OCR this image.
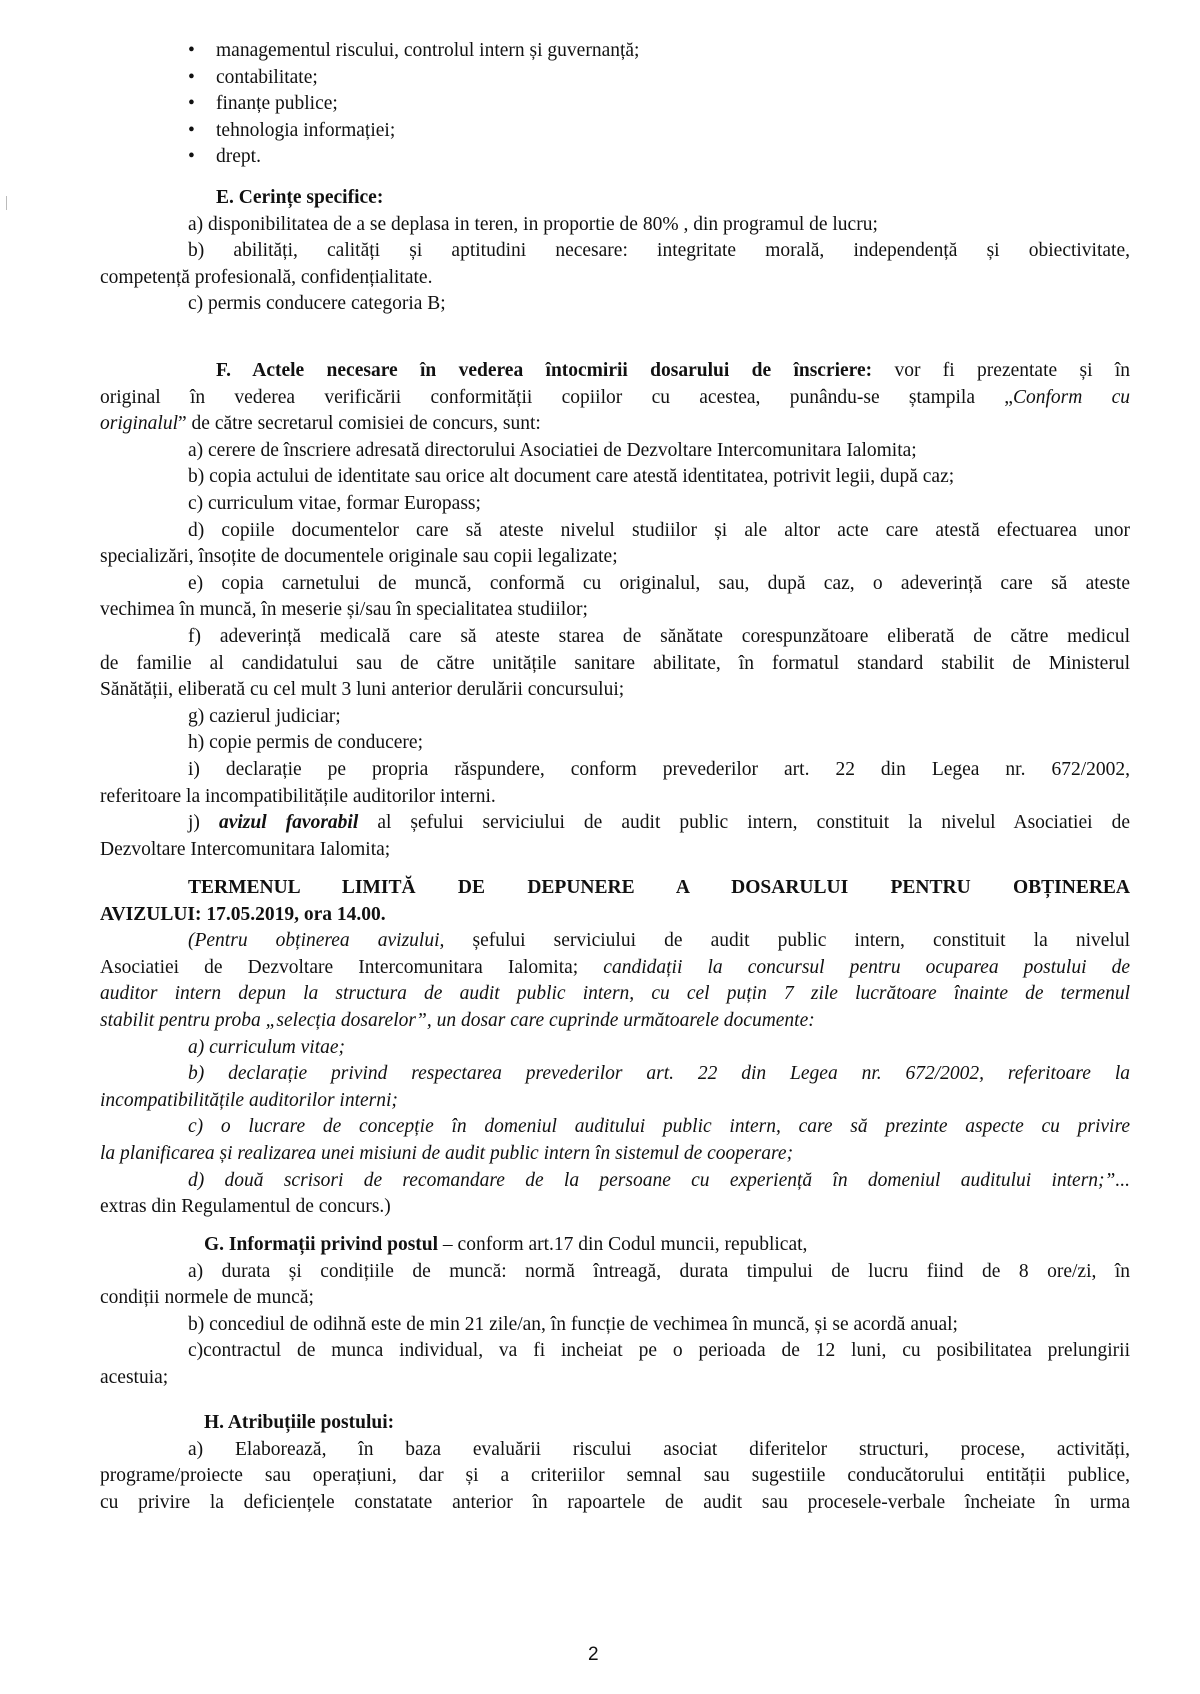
• managementul riscului, controlul intern și guvernanță;
• contabilitate;
• finanțe publice;
• tehnologia informației;
• drept.

E. Cerințe specifice:

a) disponibilitatea de a se deplasa in teren, in proportie de 80% , din programul de lucru;

b) abilități, calități și aptitudini necesare: integritate morală, independență și obiectivitate,

competență profesională, confidențialitate.

c) permis conducere categoria B;

F. Actele necesare în vederea întocmirii dosarului de înscriere: vor fi prezentate și în

original în vederea verificării conformității copiilor cu acestea, punându-se ștampila „Conform cu

originalul” de către secretarul comisiei de concurs, sunt:

a) cerere de înscriere adresată directorului Asociatiei de Dezvoltare Intercomunitara Ialomita;

b) copia actului de identitate sau orice alt document care atestă identitatea, potrivit legii, după caz;

c) curriculum vitae, formar Europass;

d) copiile documentelor care să ateste nivelul studiilor și ale altor acte care atestă efectuarea unor

specializări, însoțite de documentele originale sau copii legalizate;

e) copia carnetului de muncă, conformă cu originalul, sau, după caz, o adeverință care să ateste

vechimea în muncă, în meserie și/sau în specialitatea studiilor;

f) adeverință medicală care să ateste starea de sănătate corespunzătoare eliberată de către medicul

de familie al candidatului sau de către unitățile sanitare abilitate, în formatul standard stabilit de Ministerul

Sănătății, eliberată cu cel mult 3 luni anterior derulării concursului;

g) cazierul judiciar;

h) copie permis de conducere;

i) declarație pe propria răspundere, conform prevederilor art. 22 din Legea nr. 672/2002,

referitoare la incompatibilitățile auditorilor interni.

j) avizul favorabil al șefului serviciului de audit public intern, constituit la nivelul Asociatiei de

Dezvoltare Intercomunitara Ialomita;

TERMENUL LIMITĂ DE DEPUNERE A DOSARULUI PENTRU OBȚINEREA

AVIZULUI: 17.05.2019, ora 14.00.

(Pentru obținerea avizului, șefului serviciului de audit public intern, constituit la nivelul

Asociatiei de Dezvoltare Intercomunitara Ialomita; candidații la concursul pentru ocuparea postului de

auditor intern depun la structura de audit public intern, cu cel puțin 7 zile lucrătoare înainte de termenul

stabilit pentru proba „selecția dosarelor”, un dosar care cuprinde următoarele documente:

a) curriculum vitae;

b) declarație privind respectarea prevederilor art. 22 din Legea nr. 672/2002, referitoare la

incompatibilitățile auditorilor interni;

c) o lucrare de concepție în domeniul auditului public intern, care să prezinte aspecte cu privire

la planificarea și realizarea unei misiuni de audit public intern în sistemul de cooperare;

d) două scrisori de recomandare de la persoane cu experiență în domeniul auditului intern;”...

extras din Regulamentul de concurs.)

G. Informații privind postul – conform art.17 din Codul muncii, republicat,

a) durata și condițiile de muncă: normă întreagă, durata timpului de lucru fiind de 8 ore/zi, în

condiții normele de muncă;

b) concediul de odihnă este de min 21 zile/an, în funcție de vechimea în muncă, și se acordă anual;

c)contractul de munca individual, va fi incheiat pe o perioada de 12 luni, cu posibilitatea prelungirii

acestuia;

H. Atribuțiile postului:

a) Elaborează, în baza evaluării riscului asociat diferitelor structuri, procese, activități,

programe/proiecte sau operațiuni, dar și a criteriilor semnal sau sugestiile conducătorului entității publice,

cu privire la deficiențele constatate anterior în rapoartele de audit sau procesele-verbale încheiate în urma

2
